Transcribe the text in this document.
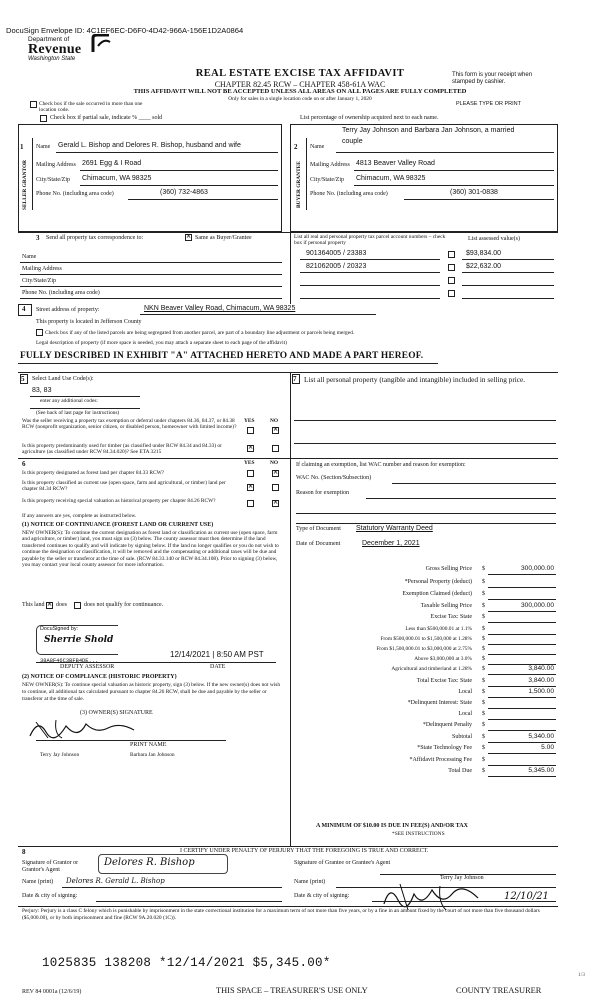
DocuSign Envelope ID: 4C1EF6EC-D6F0-4D42-966A-156E1D2A0864
Department of
Revenue
Washington State
REAL ESTATE EXCISE TAX AFFIDAVIT
CHAPTER 82.45 RCW – CHAPTER 458-61A WAC
THIS AFFIDAVIT WILL NOT BE ACCEPTED UNLESS ALL AREAS ON ALL PAGES ARE FULLY COMPLETED
Only for sales in a single location code on or after January 1, 2020
This form is your receipt when stamped by cashier.
PLEASE TYPE OR PRINT
Check box if the sale occurred in more than one location code.
Check box if partial sale, indicate % ____ sold	List percentage of ownership acquired next to each name.
1	2
SELLER GRANTOR	BUYER GRANTEE
Name Gerald L. Bishop and Delores R. Bishop, husband and wife
Mailing Address 2691 Egg & I Road
City/State/Zip Chimacum, WA 98325
Phone No. (including area code)	(360) 732-4863
Terry Jay Johnson and Barbara Jan Johnson, a married
Name
couple
Mailing Address 4813 Beaver Valley Road
City/State/Zip Chimacum, WA 98325
Phone No. (including area code)	(360) 301-0838
3 Send all property tax correspondence to: ×	Same as Buyer/Grantee
Name
Mailing Address
City/State/Zip
Phone No. (including area code)
List all real and personal property tax parcel account numbers – check box if personal property
List assessed value(s)
901364005 / 23383	$93,834.00
821062005 / 20323	$22,632.00
4 Street address of property:	NKN Beaver Valley Road, Chimacum, WA 98325
This property is located in Jefferson County
Check box if any of the listed parcels are being segregated from another parcel, are part of a boundary line adjustment or parcels being merged.
Legal description of property (if more space is needed, you may attach a separate sheet to each page of the affidavit)
FULLY DESCRIBED IN EXHIBIT "A" ATTACHED HERETO AND MADE A PART HEREOF.
5 Select Land Use Code(s):
83, 83
enter any additional codes:
(See back of last page for instructions)
YES	NO
Was the seller receiving a property tax exemption or deferral under chapters 84.36, 84.37, or 84.38 RCW (nonprofit organization, senior citizen, or disabled person, homeowner with limited income)?
×
Is this property predominantly used for timber (as classified under RCW 84.34 and 84.33) or agriculture (as classified under RCW 84.34.020)? See ETA 3215
×
7 List all personal property (tangible and intangible) included in selling price.
6	YES	NO
Is this property designated as forest land per chapter 84.33 RCW?
×
Is this property classified as current use (open space, farm and agricultural, or timber) land per chapter 84.34 RCW?
×
Is this property receiving special valuation as historical property per chapter 84.26 RCW?
×
If any answers are yes, complete as instructed below.
(1) NOTICE OF CONTINUANCE (FOREST LAND OR CURRENT USE)
NEW OWNER(S): To continue the current designation as forest land or classification as current use (open space, farm and agriculture, or timber) land, you must sign on (3) below. The county assessor must then determine if the land transferred continues to qualify and will indicate by signing below. If the land no longer qualifies or you do not wish to continue the designation or classification, it will be removed and the compensating or additional taxes will be due and payable by the seller or transferor at the time of sale. (RCW 84.33.140 or RCW 84.34.108). Prior to signing (3) below, you may contact your local county assessor for more information.
This land × does	does not qualify for continuance.
DocuSigned by:
Sherrie Shold
38A8F46C3BFB4DE...
12/14/2021 | 8:50 AM PST
DEPUTY ASSESSOR	DATE
(2) NOTICE OF COMPLIANCE (HISTORIC PROPERTY)
NEW OWNER(S): To continue special valuation as historic property, sign (3) below. If the new owner(s) does not wish to continue, all additional tax calculated pursuant to chapter 84.26 RCW, shall be due and payable by the seller or transferor at the time of sale.
(3) OWNER(S) SIGNATURE
PRINT NAME
Terry Jay Johnson	Barbara Jan Johnson
If claiming an exemption, list WAC number and reason for exemption:
WAC No. (Section/Subsection)
Reason for exemption
Type of Document Statutory Warranty Deed
Date of Document	December 1, 2021
Gross Selling Price $	300,000.00
*Personal Property (deduct) $
Exemption Claimed (deduct) $
Taxable Selling Price $	300,000.00
Excise Tax: State $
Less than $500,000.01 at 1.1% $
From $500,000.01 to $1,500,000 at 1.28% $
From $1,500,000.01 to $3,000,000 at 2.75% $
Above $3,000,000 at 3.0% $
Agricultural and timberland at 1.28% $	3,840.00
Total Excise Tax: State $	3,840.00
Local $	1,500.00
*Delinquent Interest: State $
Local $
*Delinquent Penalty $
Subtotal $	5,340.00
*State Technology Fee $	5.00
*Affidavit Processing Fee $
Total Due $	5,345.00
A MINIMUM OF $10.00 IS DUE IN FEE(S) AND/OR TAX
*SEE INSTRUCTIONS
8	I CERTIFY UNDER PENALTY OF PERJURY THAT THE FOREGOING IS TRUE AND CORRECT.
Signature of Grantor or Grantor's Agent
Delores R. Bishop
Name (print) Delores R. Gerald L. Bishop
Date & city of signing:
Signature of Grantee or Grantee's Agent
Name (print)
Terry Jay Johnson
Date & city of signing:	12/10/21
Perjury: Perjury is a class C felony which is punishable by imprisonment in the state correctional institution for a maximum term of not more than five years, or by a fine in an amount fixed by the court of not more than five thousand dollars ($5,000.00), or by both imprisonment and fine (RCW 9A.20.020 (1C)).
1025835 138208 *12/14/2021 $5,345.00*
REV 84 0001a (12/6/19)	THIS SPACE – TREASURER'S USE ONLY	COUNTY TREASURER
1/3
